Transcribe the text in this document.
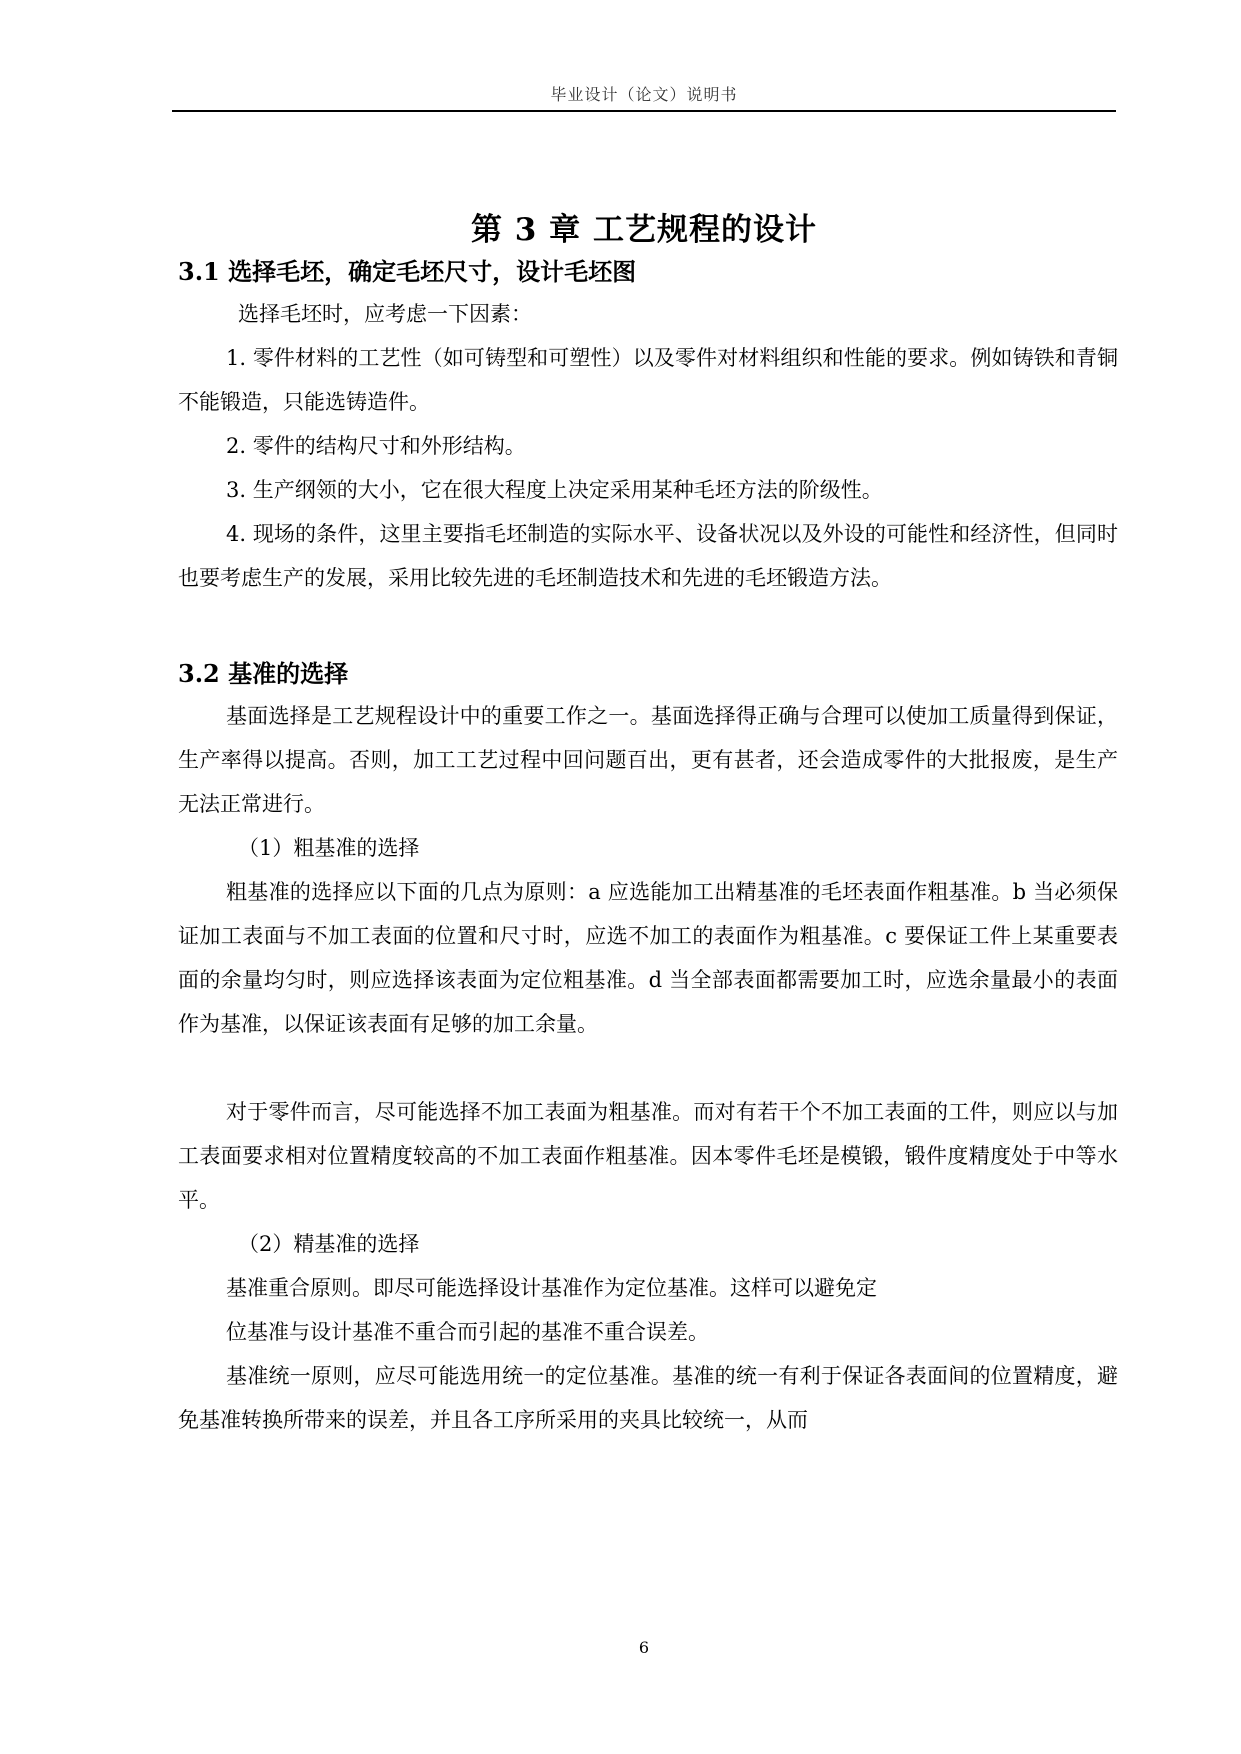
毕业设计（论文）说明书
第 3 章 工艺规程的设计
3.1 选择毛坯，确定毛坯尺寸，设计毛坯图

选择毛坯时，应考虑一下因素：

1. 零件材料的工艺性（如可铸型和可塑性）以及零件对材料组织和性能的要求。例如铸铁和青铜不能锻造，只能选铸造件。

2. 零件的结构尺寸和外形结构。

3. 生产纲领的大小，它在很大程度上决定采用某种毛坯方法的阶级性。

4. 现场的条件，这里主要指毛坯制造的实际水平、设备状况以及外设的可能性和经济性，但同时也要考虑生产的发展，采用比较先进的毛坯制造技术和先进的毛坯锻造方法。

3.2 基准的选择

基面选择是工艺规程设计中的重要工作之一。基面选择得正确与合理可以使加工质量得到保证，生产率得以提高。否则，加工工艺过程中回问题百出，更有甚者，还会造成零件的大批报废，是生产无法正常进行。

（1）粗基准的选择

粗基准的选择应以下面的几点为原则：a 应选能加工出精基准的毛坯表面作粗基准。b 当必须保证加工表面与不加工表面的位置和尺寸时，应选不加工的表面作为粗基准。c 要保证工件上某重要表面的余量均匀时，则应选择该表面为定位粗基准。d 当全部表面都需要加工时，应选余量最小的表面作为基准，以保证该表面有足够的加工余量。

对于零件而言，尽可能选择不加工表面为粗基准。而对有若干个不加工表面的工件，则应以与加工表面要求相对位置精度较高的不加工表面作粗基准。因本零件毛坯是模锻，锻件度精度处于中等水平。

（2）精基准的选择

基准重合原则。即尽可能选择设计基准作为定位基准。这样可以避免定

位基准与设计基准不重合而引起的基准不重合误差。

基准统一原则，应尽可能选用统一的定位基准。基准的统一有利于保证各表面间的位置精度，避免基准转换所带来的误差，并且各工序所采用的夹具比较统一，从而

6
